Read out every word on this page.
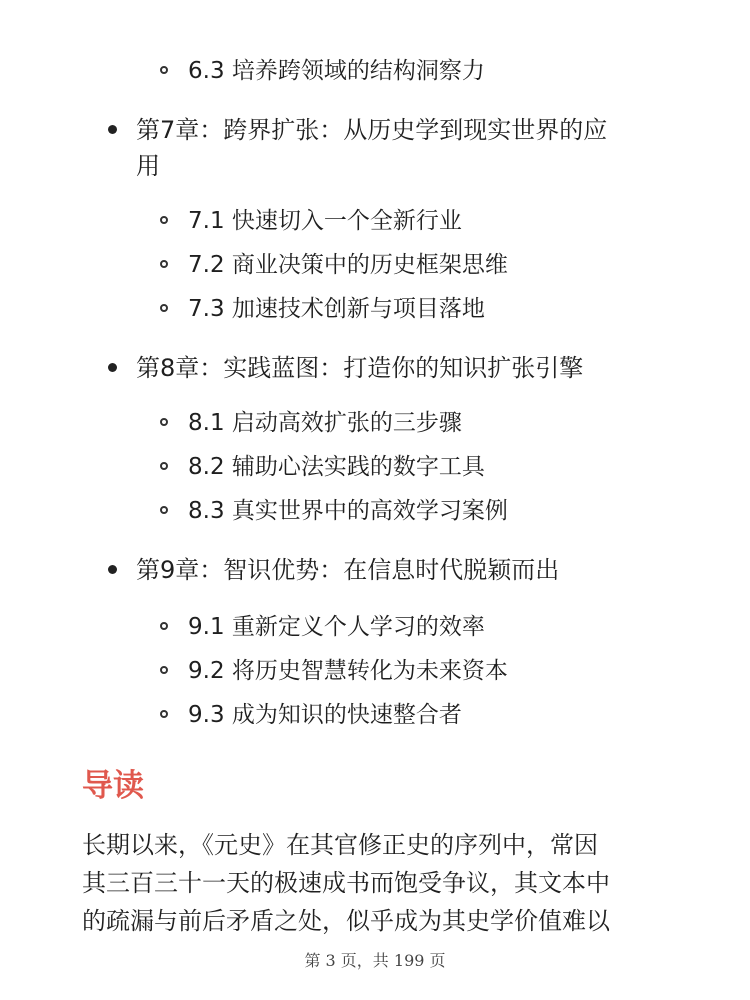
6.3 培养跨领域的结构洞察力
第7章：跨界扩张：从历史学到现实世界的应
用
7.1 快速切入一个全新行业
7.2 商业决策中的历史框架思维
7.3 加速技术创新与项目落地
第8章：实践蓝图：打造你的知识扩张引擎
8.1 启动高效扩张的三步骤
8.2 辅助心法实践的数字工具
8.3 真实世界中的高效学习案例
第9章：智识优势：在信息时代脱颖而出
9.1 重新定义个人学习的效率
9.2 将历史智慧转化为未来资本
9.3 成为知识的快速整合者
导读
长期以来，《元史》在其官修正史的序列中，常因
其三百三十一天的极速成书而饱受争议，其文本中
的疏漏与前后矛盾之处，似乎成为其史学价值难以
第 3 页，共 199 页
